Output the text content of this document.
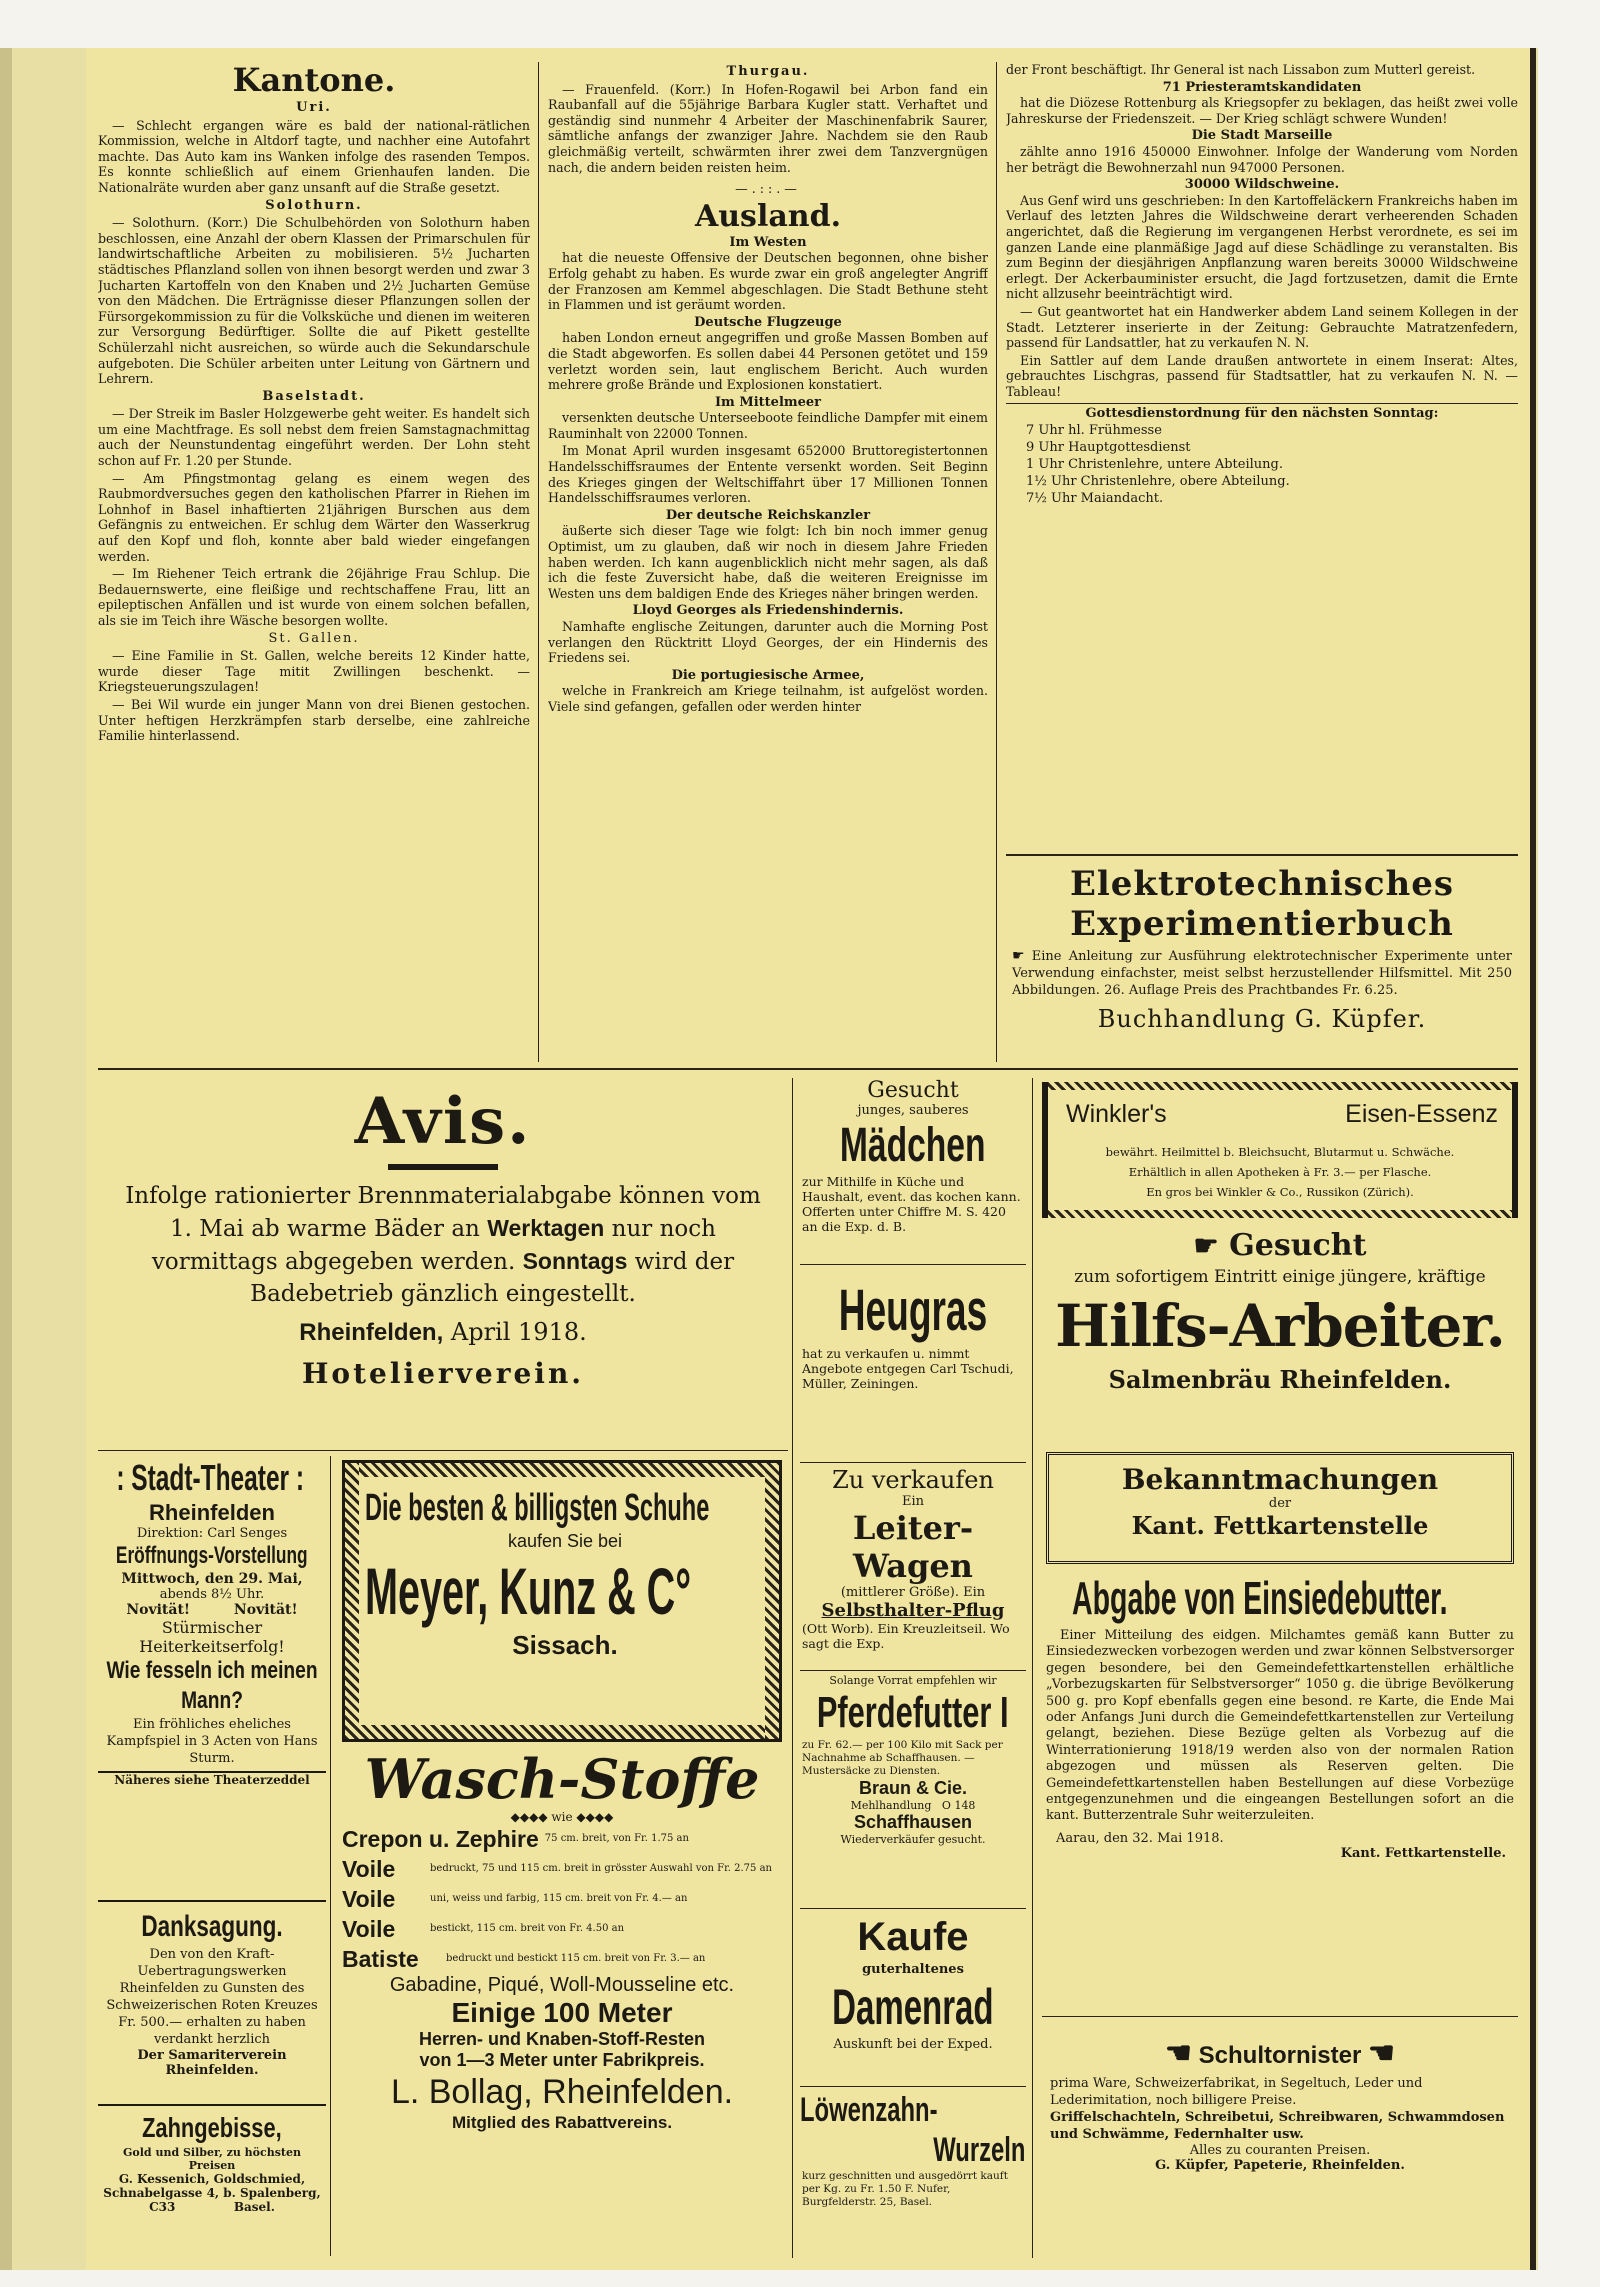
Kantone.
Uri.

— Schlecht ergangen wäre es bald der national-rätlichen Kommission, welche in Altdorf tagte, und nachher eine Autofahrt machte. Das Auto kam ins Wanken infolge des rasenden Tempos. Es konnte schließlich auf einem Grienhaufen landen. Die Nationalräte wurden aber ganz unsanft auf die Straße gesetzt.

Solothurn.

— Solothurn. (Korr.) Die Schulbehörden von Solothurn haben beschlossen, eine Anzahl der obern Klassen der Primarschulen für landwirtschaftliche Arbeiten zu mobilisieren. 5½ Jucharten städtisches Pflanzland sollen von ihnen besorgt werden und zwar 3 Jucharten Kartoffeln von den Knaben und 2½ Jucharten Gemüse von den Mädchen. Die Erträgnisse dieser Pflanzungen sollen der Fürsorgekommission zu für die Volksküche und dienen im weiteren zur Versorgung Bedürftiger. Sollte die auf Pikett gestellte Schülerzahl nicht ausreichen, so würde auch die Sekundarschule aufgeboten. Die Schüler arbeiten unter Leitung von Gärtnern und Lehrern.

Baselstadt.

— Der Streik im Basler Holzgewerbe geht weiter. Es handelt sich um eine Machtfrage. Es soll nebst dem freien Samstagnachmittag auch der Neunstundentag eingeführt werden. Der Lohn steht schon auf Fr. 1.20 per Stunde.

— Am Pfingstmontag gelang es einem wegen des Raubmordversuches gegen den katholischen Pfarrer in Riehen im Lohnhof in Basel inhaftierten 21jährigen Burschen aus dem Gefängnis zu entweichen. Er schlug dem Wärter den Wasserkrug auf den Kopf und floh, konnte aber bald wieder eingefangen werden.

— Im Riehener Teich ertrank die 26jährige Frau Schlup. Die Bedauernswerte, eine fleißige und rechtschaffene Frau, litt an epileptischen Anfällen und ist wurde von einem solchen befallen, als sie im Teich ihre Wäsche besorgen wollte.

St. Gallen.

— Eine Familie in St. Gallen, welche bereits 12 Kinder hatte, wurde dieser Tage mitit Zwillingen beschenkt. — Kriegsteuerungszulagen!

— Bei Wil wurde ein junger Mann von drei Bienen gestochen. Unter heftigen Herzkrämpfen starb derselbe, eine zahlreiche Familie hinterlassend.

Thurgau.

— Frauenfeld. (Korr.) In Hofen-Rogawil bei Arbon fand ein Raubanfall auf die 55jährige Barbara Kugler statt. Verhaftet und geständig sind nunmehr 4 Arbeiter der Maschinenfabrik Saurer, sämtliche anfangs der zwanziger Jahre. Nachdem sie den Raub gleichmäßig verteilt, schwärmten ihrer zwei dem Tanzvergnügen nach, die andern beiden reisten heim.

—.::.—
Ausland.
Im Westen

hat die neueste Offensive der Deutschen begonnen, ohne bisher Erfolg gehabt zu haben. Es wurde zwar ein groß angelegter Angriff der Franzosen am Kemmel abgeschlagen. Die Stadt Bethune steht in Flammen und ist geräumt worden.

Deutsche Flugzeuge

haben London erneut angegriffen und große Massen Bomben auf die Stadt abgeworfen. Es sollen dabei 44 Personen getötet und 159 verletzt worden sein, laut englischem Bericht. Auch wurden mehrere große Brände und Explosionen konstatiert.

Im Mittelmeer

versenkten deutsche Unterseeboote feindliche Dampfer mit einem Rauminhalt von 22000 Tonnen.

Im Monat April wurden insgesamt 652000 Bruttoregistertonnen Handelsschiffsraumes der Entente versenkt worden. Seit Beginn des Krieges gingen der Weltschiffahrt über 17 Millionen Tonnen Handelsschiffsraumes verloren.

Der deutsche Reichskanzler

äußerte sich dieser Tage wie folgt: Ich bin noch immer genug Optimist, um zu glauben, daß wir noch in diesem Jahre Frieden haben werden. Ich kann augenblicklich nicht mehr sagen, als daß ich die feste Zuversicht habe, daß die weiteren Ereignisse im Westen uns dem baldigen Ende des Krieges näher bringen werden.

Lloyd Georges als Friedenshindernis.

Namhafte englische Zeitungen, darunter auch die Morning Post verlangen den Rücktritt Lloyd Georges, der ein Hindernis des Friedens sei.

Die portugiesische Armee,

welche in Frankreich am Kriege teilnahm, ist aufgelöst worden. Viele sind gefangen, gefallen oder werden hinter

der Front beschäftigt. Ihr General ist nach Lissabon zum Mutterl gereist.

71 Priesteramtskandidaten

hat die Diözese Rottenburg als Kriegsopfer zu beklagen, das heißt zwei volle Jahreskurse der Friedenszeit. — Der Krieg schlägt schwere Wunden!

Die Stadt Marseille

zählte anno 1916 450000 Einwohner. Infolge der Wanderung vom Norden her beträgt die Bewohnerzahl nun 947000 Personen.

30000 Wildschweine.

Aus Genf wird uns geschrieben: In den Kartoffeläckern Frankreichs haben im Verlauf des letzten Jahres die Wildschweine derart verheerenden Schaden angerichtet, daß die Regierung im vergangenen Herbst verordnete, es sei im ganzen Lande eine planmäßige Jagd auf diese Schädlinge zu veranstalten. Bis zum Beginn der diesjährigen Anpflanzung waren bereits 30000 Wildschweine erlegt. Der Ackerbauminister ersucht, die Jagd fortzusetzen, damit die Ernte nicht allzusehr beeinträchtigt wird.

— Gut geantwortet hat ein Handwerker abdem Land seinem Kollegen in der Stadt. Letzterer inserierte in der Zeitung: Gebrauchte Matratzenfedern, passend für Landsattler, hat zu verkaufen N. N.

Ein Sattler auf dem Lande draußen antwortete in einem Inserat: Altes, gebrauchtes Lischgras, passend für Stadtsattler, hat zu verkaufen N. N. — Tableau!

Gottesdienstordnung für den nächsten Sonntag:
7 Uhr hl. Frühmesse
9 Uhr Hauptgottesdienst
1 Uhr Christenlehre, untere Abteilung.
1½ Uhr Christenlehre, obere Abteilung.
7½ Uhr Maiandacht.
Elektrotechnisches
Experimentierbuch
☛ Eine Anleitung zur Ausführung elektrotechnischer Experimente unter Verwendung einfachster, meist selbst herzustellender Hilfsmittel. Mit 250 Abbildungen. 26. Auflage Preis des Prachtbandes Fr. 6.25.
Buchhandlung G. Küpfer.
Avis.
Infolge rationierter Brennmaterialabgabe können vom 1. Mai ab warme Bäder an Werktagen nur noch vormittags abgegeben werden. Sonntags wird der Badebetrieb gänzlich eingestellt.
Rheinfelden, April 1918.
Hotelierverein.
: Stadt-Theater :
Rheinfelden
Direktion: Carl Senges
Eröffnungs-Vorstellung
Mittwoch, den 29. Mai,
abends 8½ Uhr.
Novität!         Novität!
Stürmischer
Heiterkeitserfolg!
Wie fesseln ich meinen Mann?
Ein fröhliches eheliches Kampfspiel in 3 Acten von Hans Sturm.
Näheres siehe Theaterzeddel
Danksagung.
Den von den Kraft-Uebertragungswerken Rheinfelden zu Gunsten des Schweizerischen Roten Kreuzes Fr. 500.— erhalten zu haben verdankt herzlich
Der Samariterverein
Rheinfelden.
Zahngebisse,
Gold und Silber, zu höchsten Preisen
G. Kessenich, Goldschmied,
Schnabelgasse 4, b. Spalenberg,
C33              Basel.
Die besten & billigsten Schuhe
kaufen Sie bei
Meyer, Kunz & C°
Sissach.
Wasch-Stoffe
◆◆◆◆ wie ◆◆◆◆
Crepon u. Zephire 75 cm. breit, von Fr. 1.75 an
Voile	bedruckt, 75 und 115 cm. breit in grösster Auswahl von Fr. 2.75 an
Voile	uni, weiss und farbig, 115 cm. breit von Fr. 4.— an
Voile	bestickt, 115 cm. breit von Fr. 4.50 an
Batiste	bedruckt und bestickt 115 cm. breit von Fr. 3.— an
Gabadine, Piqué, Woll-Mousseline etc.
Einige 100 Meter
Herren- und Knaben-Stoff-Resten
von 1—3 Meter unter Fabrikpreis.
L. Bollag, Rheinfelden.
Mitglied des Rabattvereins.
Gesucht
junges, sauberes
Mädchen
zur Mithilfe in Küche und Haushalt, event. das kochen kann. Offerten unter Chiffre M. S. 420 an die Exp. d. B.
Heugras
hat zu verkaufen u. nimmt Angebote entgegen Carl Tschudi, Müller, Zeiningen.
Zu verkaufen
Ein
Leiter-Wagen
(mittlerer Größe). Ein
Selbsthalter-Pflug
(Ott Worb). Ein Kreuzleitseil. Wo sagt die Exp.
Solange Vorrat empfehlen wir
Pferdefutter I
zu Fr. 62.— per 100 Kilo mit Sack per Nachnahme ab Schaffhausen. — Mustersäcke zu Diensten.
Braun & Cie.
Mehlhandlung   O 148
Schaffhausen
Wiederverkäufer gesucht.
Kaufe
guterhaltenes
Damenrad
Auskunft bei der Exped.
Löwenzahn-
Wurzeln
kurz geschnitten und ausgedörrt kauft per Kg. zu Fr. 1.50 F. Nufer, Burgfelderstr. 25, Basel.
Winkler's	Eisen-Essenz
bewährt. Heilmittel b. Bleichsucht, Blutarmut u. Schwäche.
Erhältlich in allen Apotheken à Fr. 3.— per Flasche.
En gros bei Winkler & Co., Russikon (Zürich).
☛ Gesucht
zum sofortigem Eintritt einige jüngere, kräftige
Hilfs-Arbeiter.
Salmenbräu Rheinfelden.
Bekanntmachungen
der
Kant. Fettkartenstelle
Abgabe von Einsiedebutter.
Einer Mitteilung des eidgen. Milchamtes gemäß kann Butter zu Einsiedezwecken vorbezogen werden und zwar können Selbstversorger gegen besondere, bei den Gemeindefettkartenstellen erhältliche „Vorbezugskarten für Selbstversorger“ 1050 g. die übrige Bevölkerung 500 g. pro Kopf ebenfalls gegen eine besond. re Karte, die Ende Mai oder Anfangs Juni durch die Gemeindefettkartenstellen zur Verteilung gelangt, beziehen. Diese Bezüge gelten als Vorbezug auf die Winterrationierung 1918/19 werden also von der normalen Ration abgezogen und müssen als Reserven gelten. Die Gemeindefettkartenstellen haben Bestellungen auf diese Vorbezüge entgegenzunehmen und die eingeangen Bestellungen sofort an die kant. Butterzentrale Suhr weiterzuleiten.
Aarau, den 32. Mai 1918.
Kant. Fettkartenstelle.
☛ Schultornister ☚
prima Ware, Schweizerfabrikat, in Segeltuch, Leder und Lederimitation, noch billigere Preise.
Griffelschachteln, Schreibetui, Schreibwaren, Schwammdosen und Schwämme, Federnhalter usw.
Alles zu couranten Preisen.
G. Küpfer, Papeterie, Rheinfelden.
